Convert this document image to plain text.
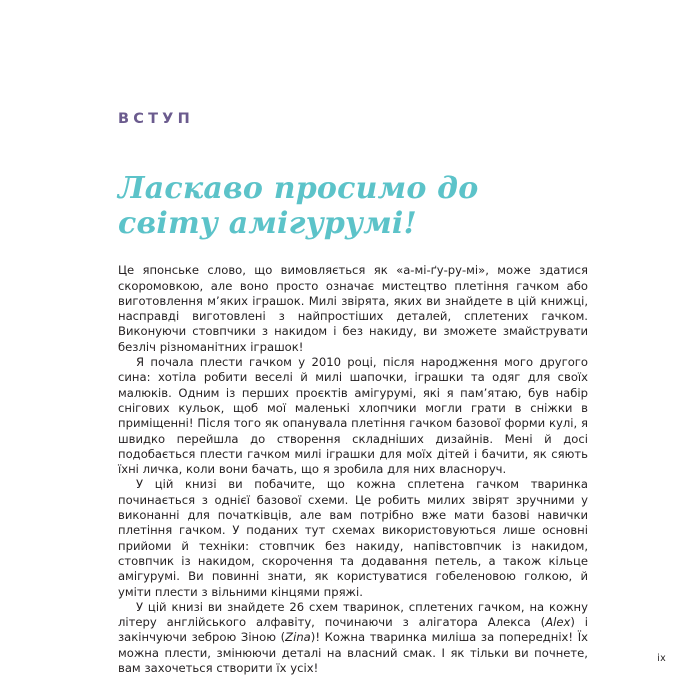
ВСТУП
Ласкаво просимо до світу амігурумі!

Це японське слово, що вимовляється як «а-мі-ґу-ру-мі», може здатися скоромовкою, але воно просто означає мистецтво плетіння гачком або виготовлення м’яких іграшок. Милі звірята, яких ви знайдете в цій книжці, насправді виготовлені з найпростіших деталей, сплетених гачком. Виконуючи стовпчики з накидом і без накиду, ви зможете змайструвати безліч різноманітних іграшок!

Я почала плести гачком у 2010 році, після народження мого другого сина: хотіла робити веселі й милі шапочки, іграшки та одяг для своїх малюків. Одним із перших проєктів амігурумі, які я пам’ятаю, був набір снігових кульок, щоб мої маленькі хлопчики могли грати в сніжки в приміщенні! Після того як опанувала плетіння гачком базової форми кулі, я швидко перейшла до створення складніших дизайнів. Мені й досі подобається плести гачком милі іграшки для моїх дітей і бачити, як сяють їхні личка, коли вони бачать, що я зробила для них власноруч.

У цій книзі ви побачите, що кожна сплетена гачком тваринка починається з однієї базової схеми. Це робить милих звірят зручними у виконанні для початківців, але вам потрібно вже мати базові навички плетіння гачком. У поданих тут схемах використовуються лише основні прийоми й техніки: стовпчик без накиду, напівстовпчик із накидом, стовпчик із накидом, скорочення та додавання петель, а також кільце амігурумі. Ви повинні знати, як користуватися гобеленовою голкою, й уміти плести з вільними кінцями пряжі.

У цій книзі ви знайдете 26 схем тваринок, сплетених гачком, на кожну літеру англійського алфавіту, починаючи з алігатора Алекса (Alex) і закінчуючи зеброю Зіною (Zina)! Кожна тваринка миліша за попередніх! Їх можна плести, змінюючи деталі на власний смак. І як тільки ви почнете, вам захочеться створити їх усіх!

ix
